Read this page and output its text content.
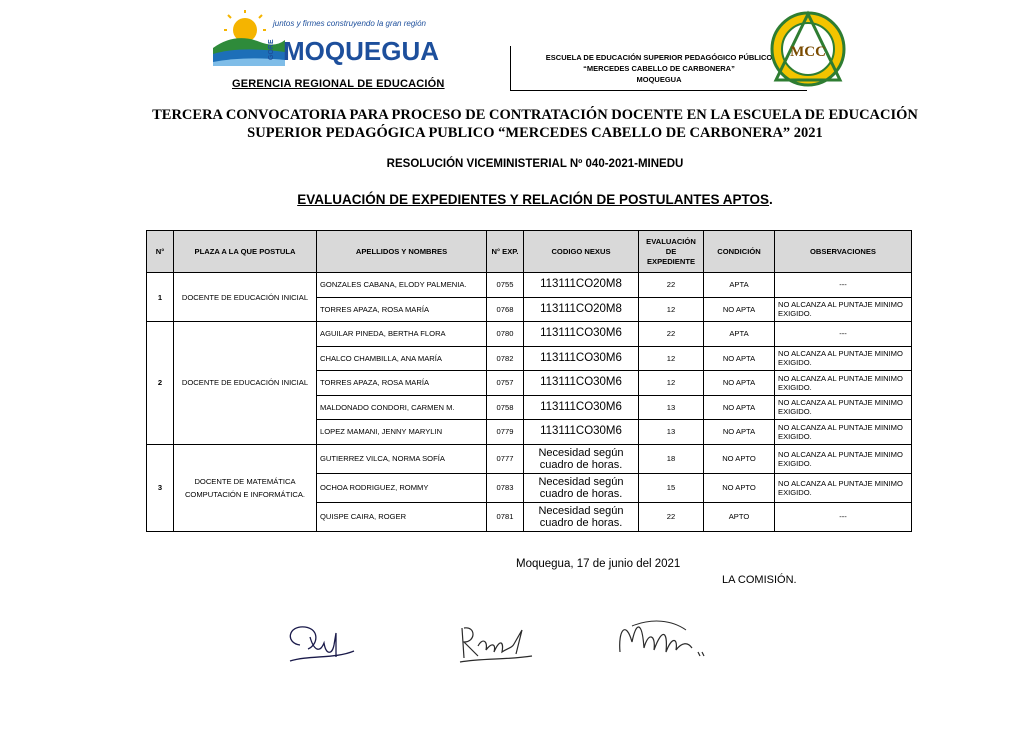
juntos y firmes construyendo la gran región
GORE MOQUEGUA
GERENCIA REGIONAL DE EDUCACIÓN
ESCUELA DE EDUCACIÓN SUPERIOR PEDAGÓGICO PÚBLICO
“MERCEDES CABELLO DE CARBONERA”
MOQUEGUA
MCC
TERCERA CONVOCATORIA PARA PROCESO DE CONTRATACIÓN DOCENTE EN LA ESCUELA DE EDUCACIÓN
SUPERIOR PEDAGÓGICA PUBLICO “MERCEDES CABELLO DE CARBONERA” 2021
RESOLUCIÓN VICEMINISTERIAL Nº 040-2021-MINEDU
EVALUACIÓN DE EXPEDIENTES Y RELACIÓN DE POSTULANTES APTOS.
N°	PLAZA A LA QUE POSTULA	APELLIDOS Y NOMBRES	N° EXP.	CODIGO NEXUS	EVALUACIÓN DE EXPEDIENTE	CONDICIÓN	OBSERVACIONES
1	DOCENTE DE EDUCACIÓN INICIAL	GONZALES CABANA, ELODY PALMENIA.	0755	113111CO20M8	22	APTA	---
		TORRES APAZA, ROSA MARÍA	0768	113111CO20M8	12	NO APTA	NO ALCANZA AL PUNTAJE MINIMO EXIGIDO.
2	DOCENTE DE EDUCACIÓN INICIAL	AGUILAR PINEDA, BERTHA FLORA	0780	113111CO30M6	22	APTA	---
		CHALCO CHAMBILLA, ANA MARÍA	0782	113111CO30M6	12	NO APTA	NO ALCANZA AL PUNTAJE MINIMO EXIGIDO.
		TORRES APAZA, ROSA MARÍA	0757	113111CO30M6	12	NO APTA	NO ALCANZA AL PUNTAJE MINIMO EXIGIDO.
		MALDONADO CONDORI, CARMEN M.	0758	113111CO30M6	13	NO APTA	NO ALCANZA AL PUNTAJE MINIMO EXIGIDO.
		LOPEZ MAMANI, JENNY MARYLIN	0779	113111CO30M6	13	NO APTA	NO ALCANZA AL PUNTAJE MINIMO EXIGIDO.
3	DOCENTE DE MATEMÁTICA COMPUTACIÓN E INFORMÁTICA.	GUTIERREZ VILCA, NORMA SOFÍA	0777	Necesidad según cuadro de horas.	18	NO APTO	NO ALCANZA AL PUNTAJE MINIMO EXIGIDO.
		OCHOA RODRIGUEZ, ROMMY	0783	Necesidad según cuadro de horas.	15	NO APTO	NO ALCANZA AL PUNTAJE MINIMO EXIGIDO.
		QUISPE CAIRA, ROGER	0781	Necesidad según cuadro de horas.	22	APTO	---
Moquegua, 17 de junio del 2021
LA COMISIÓN.
